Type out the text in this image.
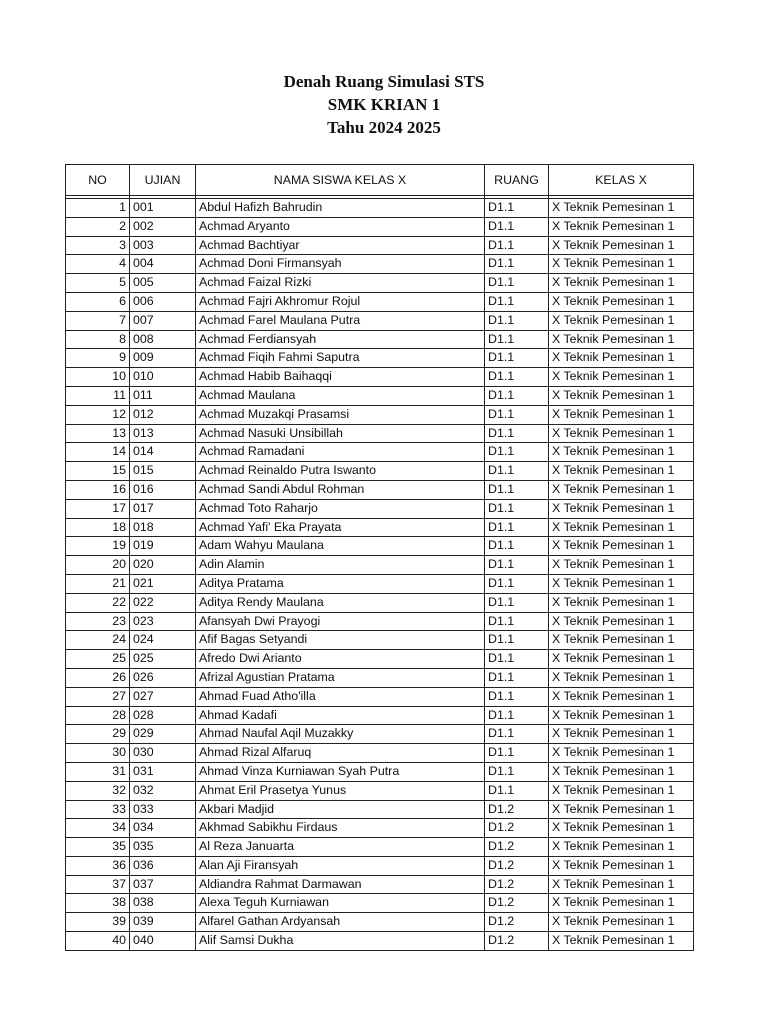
Denah Ruang Simulasi STS
SMK KRIAN 1
Tahu 2024 2025
NO	UJIAN	NAMA SISWA KELAS X	RUANG	KELAS X

1	001	Abdul Hafizh Bahrudin	D1.1	X Teknik Pemesinan 1
2	002	Achmad Aryanto	D1.1	X Teknik Pemesinan 1
3	003	Achmad Bachtiyar	D1.1	X Teknik Pemesinan 1
4	004	Achmad Doni Firmansyah	D1.1	X Teknik Pemesinan 1
5	005	Achmad Faizal Rizki	D1.1	X Teknik Pemesinan 1
6	006	Achmad Fajri Akhromur Rojul	D1.1	X Teknik Pemesinan 1
7	007	Achmad Farel Maulana Putra	D1.1	X Teknik Pemesinan 1
8	008	Achmad Ferdiansyah	D1.1	X Teknik Pemesinan 1
9	009	Achmad Fiqih Fahmi Saputra	D1.1	X Teknik Pemesinan 1
10	010	Achmad Habib Baihaqqi	D1.1	X Teknik Pemesinan 1
11	011	Achmad Maulana	D1.1	X Teknik Pemesinan 1
12	012	Achmad Muzakqi Prasamsi	D1.1	X Teknik Pemesinan 1
13	013	Achmad Nasuki Unsibillah	D1.1	X Teknik Pemesinan 1
14	014	Achmad Ramadani	D1.1	X Teknik Pemesinan 1
15	015	Achmad Reinaldo Putra Iswanto	D1.1	X Teknik Pemesinan 1
16	016	Achmad Sandi Abdul Rohman	D1.1	X Teknik Pemesinan 1
17	017	Achmad Toto Raharjo	D1.1	X Teknik Pemesinan 1
18	018	Achmad Yafi' Eka Prayata	D1.1	X Teknik Pemesinan 1
19	019	Adam Wahyu Maulana	D1.1	X Teknik Pemesinan 1
20	020	Adin Alamin	D1.1	X Teknik Pemesinan 1
21	021	Aditya Pratama	D1.1	X Teknik Pemesinan 1
22	022	Aditya Rendy Maulana	D1.1	X Teknik Pemesinan 1
23	023	Afansyah Dwi Prayogi	D1.1	X Teknik Pemesinan 1
24	024	Afif Bagas Setyandi	D1.1	X Teknik Pemesinan 1
25	025	Afredo Dwi Arianto	D1.1	X Teknik Pemesinan 1
26	026	Afrizal Agustian Pratama	D1.1	X Teknik Pemesinan 1
27	027	Ahmad Fuad Atho'illa	D1.1	X Teknik Pemesinan 1
28	028	Ahmad Kadafi	D1.1	X Teknik Pemesinan 1
29	029	Ahmad Naufal Aqil Muzakky	D1.1	X Teknik Pemesinan 1
30	030	Ahmad Rizal Alfaruq	D1.1	X Teknik Pemesinan 1
31	031	Ahmad Vinza Kurniawan Syah Putra	D1.1	X Teknik Pemesinan 1
32	032	Ahmat Eril Prasetya Yunus	D1.1	X Teknik Pemesinan 1
33	033	Akbari Madjid	D1.2	X Teknik Pemesinan 1
34	034	Akhmad Sabikhu Firdaus	D1.2	X Teknik Pemesinan 1
35	035	Al Reza Januarta	D1.2	X Teknik Pemesinan 1
36	036	Alan Aji Firansyah	D1.2	X Teknik Pemesinan 1
37	037	Aldiandra Rahmat Darmawan	D1.2	X Teknik Pemesinan 1
38	038	Alexa Teguh Kurniawan	D1.2	X Teknik Pemesinan 1
39	039	Alfarel Gathan Ardyansah	D1.2	X Teknik Pemesinan 1
40	040	Alif Samsi Dukha	D1.2	X Teknik Pemesinan 1
